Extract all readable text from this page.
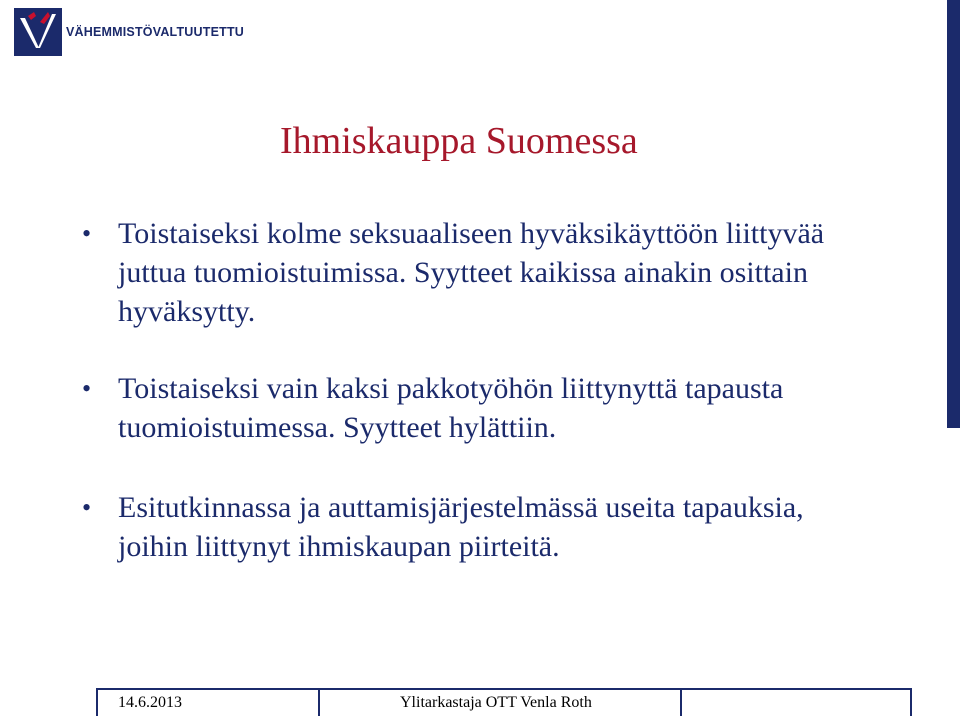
VÄHEMMISTÖVALTUUTETTU
Ihmiskauppa Suomessa
• Toistaiseksi kolme seksuaaliseen hyväksikäyttöön liittyvää juttua tuomioistuimissa. Syytteet kaikissa ainakin osittain hyväksytty.
• Toistaiseksi vain kaksi pakkotyöhön liittynyttä tapausta tuomioistuimessa. Syytteet hylättiin.
• Esitutkinnassa ja auttamisjärjestelmässä useita tapauksia, joihin liittynyt ihmiskaupan piirteitä.
14.6.2013	Ylitarkastaja OTT Venla Roth
